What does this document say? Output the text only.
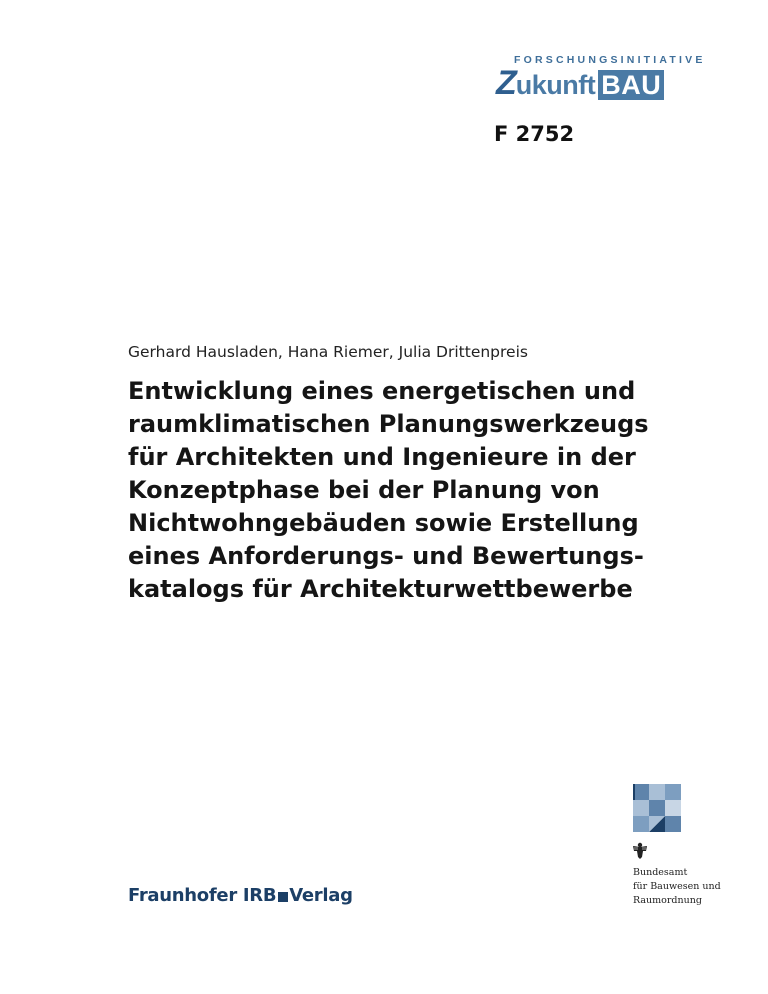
FORSCHUNGSINITIATIVE
Zukunft BAU
F 2752
Gerhard Hausladen, Hana Riemer, Julia Drittenpreis
Entwicklung eines energetischen und
raumklimatischen Planungswerkzeugs
für Architekten und Ingenieure in der
Konzeptphase bei der Planung von
Nichtwohngebäuden sowie Erstellung
eines Anforderungs- und Bewertungs-
katalogs für Architekturwettbewerbe
Fraunhofer IRB Verlag
Bundesamt
für Bauwesen und
Raumordnung
